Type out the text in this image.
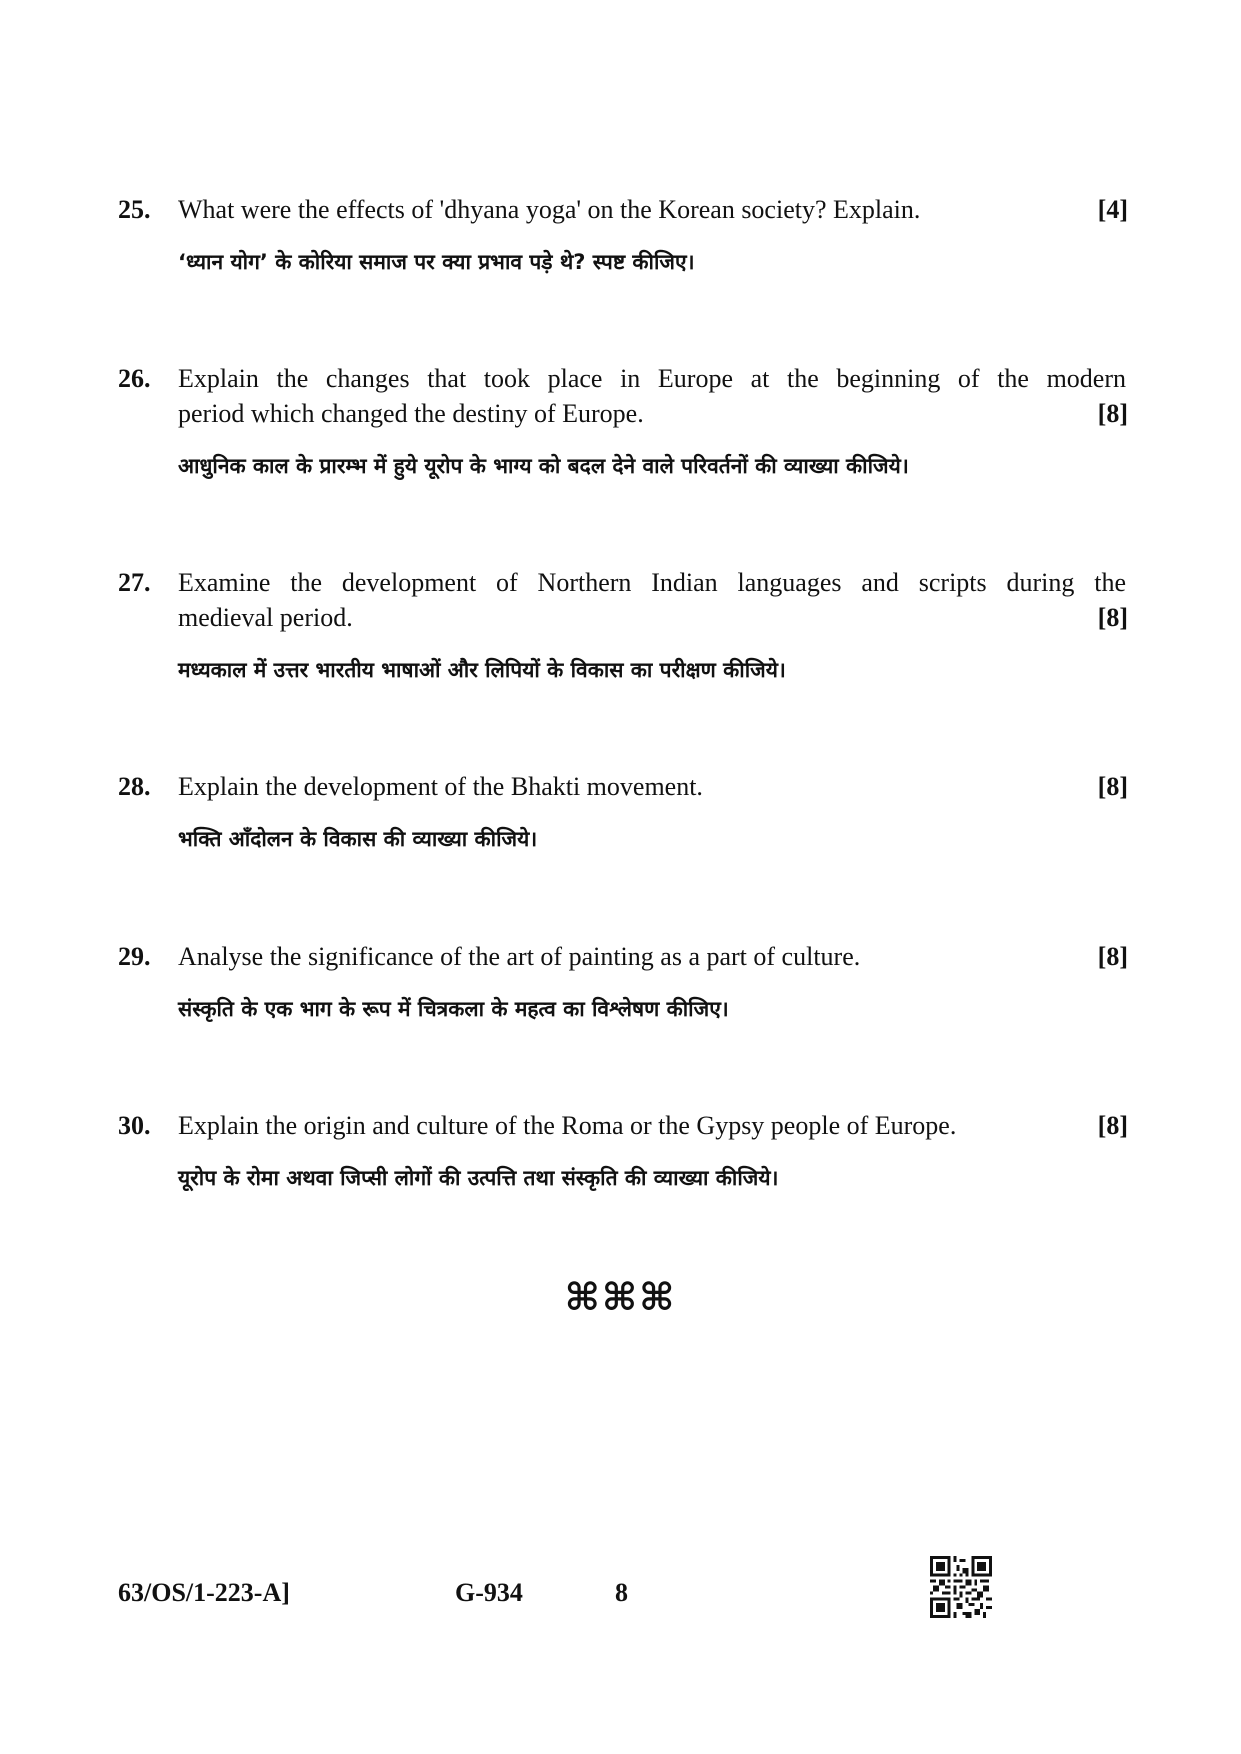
25.	What were the effects of 'dhyana yoga' on the Korean society? Explain.	[4]
‘ध्यान योग’ के कोरिया समाज पर क्या प्रभाव पड़े थे? स्पष्ट कीजिए।
26.	Explain the changes that took place in Europe at the beginning of the modern
period which changed the destiny of Europe.	[8]
आधुनिक काल के प्रारम्भ में हुये यूरोप के भाग्य को बदल देने वाले परिवर्तनों की व्याख्या कीजिये।
27.	Examine the development of Northern Indian languages and scripts during the
medieval period.	[8]
मध्यकाल में उत्तर भारतीय भाषाओं और लिपियों के विकास का परीक्षण कीजिये।
28.	Explain the development of the Bhakti movement.	[8]
भक्ति आँदोलन के विकास की व्याख्या कीजिये।
29.	Analyse the significance of the art of painting as a part of culture.	[8]
संस्कृति के एक भाग के रूप में चित्रकला के महत्व का विश्लेषण कीजिए।
30.	Explain the origin and culture of the Roma or the Gypsy people of Europe.	[8]
यूरोप के रोमा अथवा जिप्सी लोगों की उत्पत्ति तथा संस्कृति की व्याख्या कीजिये।
⌘⌘⌘
63/OS/1-223-A]	G-934	8
